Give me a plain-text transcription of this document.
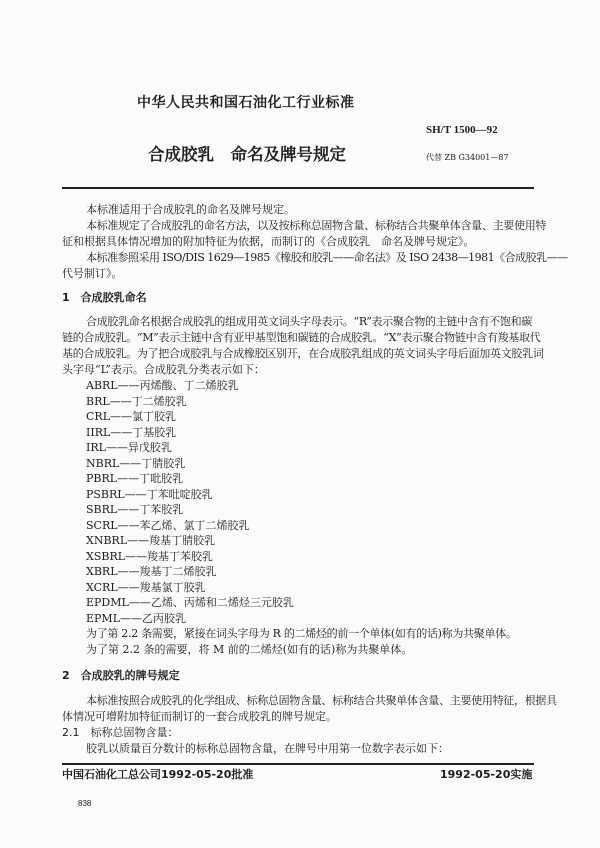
中华人民共和国石油化工行业标准
SH/T 1500—92
合成胶乳　命名及牌号规定	代替 ZB G34001—87
本标准适用于合成胶乳的命名及牌号规定。
本标准规定了合成胶乳的命名方法，以及按标称总固物含量、标称结合共聚单体含量、主要使用特
征和根据具体情况增加的附加特征为依据，而制订的《合成胶乳　命名及牌号规定》。
本标准参照采用 ISO/DIS 1629—1985《橡胶和胶乳——命名法》及 ISO 2438—1981《合成胶乳——
代号制订》。
1　合成胶乳命名
合成胶乳命名根据合成胶乳的组成用英文词头字母表示。“R”表示聚合物的主链中含有不饱和碳
链的合成胶乳。“M”表示主链中含有亚甲基型饱和碳链的合成胶乳。“X”表示聚合物链中含有羧基取代
基的合成胶乳。为了把合成胶乳与合成橡胶区别开，在合成胶乳组成的英文词头字母后面加英文胶乳词
头字母“L”表示。合成胶乳分类表示如下：
ABRL——丙烯酸、丁二烯胶乳
BRL——丁二烯胶乳
CRL——氯丁胶乳
IIRL——丁基胶乳
IRL——异戊胶乳
NBRL——丁腈胶乳
PBRL——丁吡胶乳
PSBRL——丁苯吡啶胶乳
SBRL——丁苯胶乳
SCRL——苯乙烯、氯丁二烯胶乳
XNBRL——羧基丁腈胶乳
XSBRL——羧基丁苯胶乳
XBRL——羧基丁二烯胶乳
XCRL——羧基氯丁胶乳
EPDML——乙烯、丙烯和二烯烃三元胶乳
EPML——乙丙胶乳
为了第 2.2 条需要，紧接在词头字母为 R 的二烯烃的前一个单体(如有的话)称为共聚单体。
为了第 2.2 条的需要，将 M 前的二烯烃(如有的话)称为共聚单体。
2　合成胶乳的牌号规定
本标准按照合成胶乳的化学组成、标称总固物含量、标称结合共聚单体含量、主要使用特征，根据具
体情况可增附加特征而制订的一套合成胶乳的牌号规定。
2.1　标称总固物含量：
胶乳以质量百分数计的标称总固物含量，在牌号中用第一位数字表示如下：
中国石油化工总公司1992-05-20批准	1992-05-20实施
838
